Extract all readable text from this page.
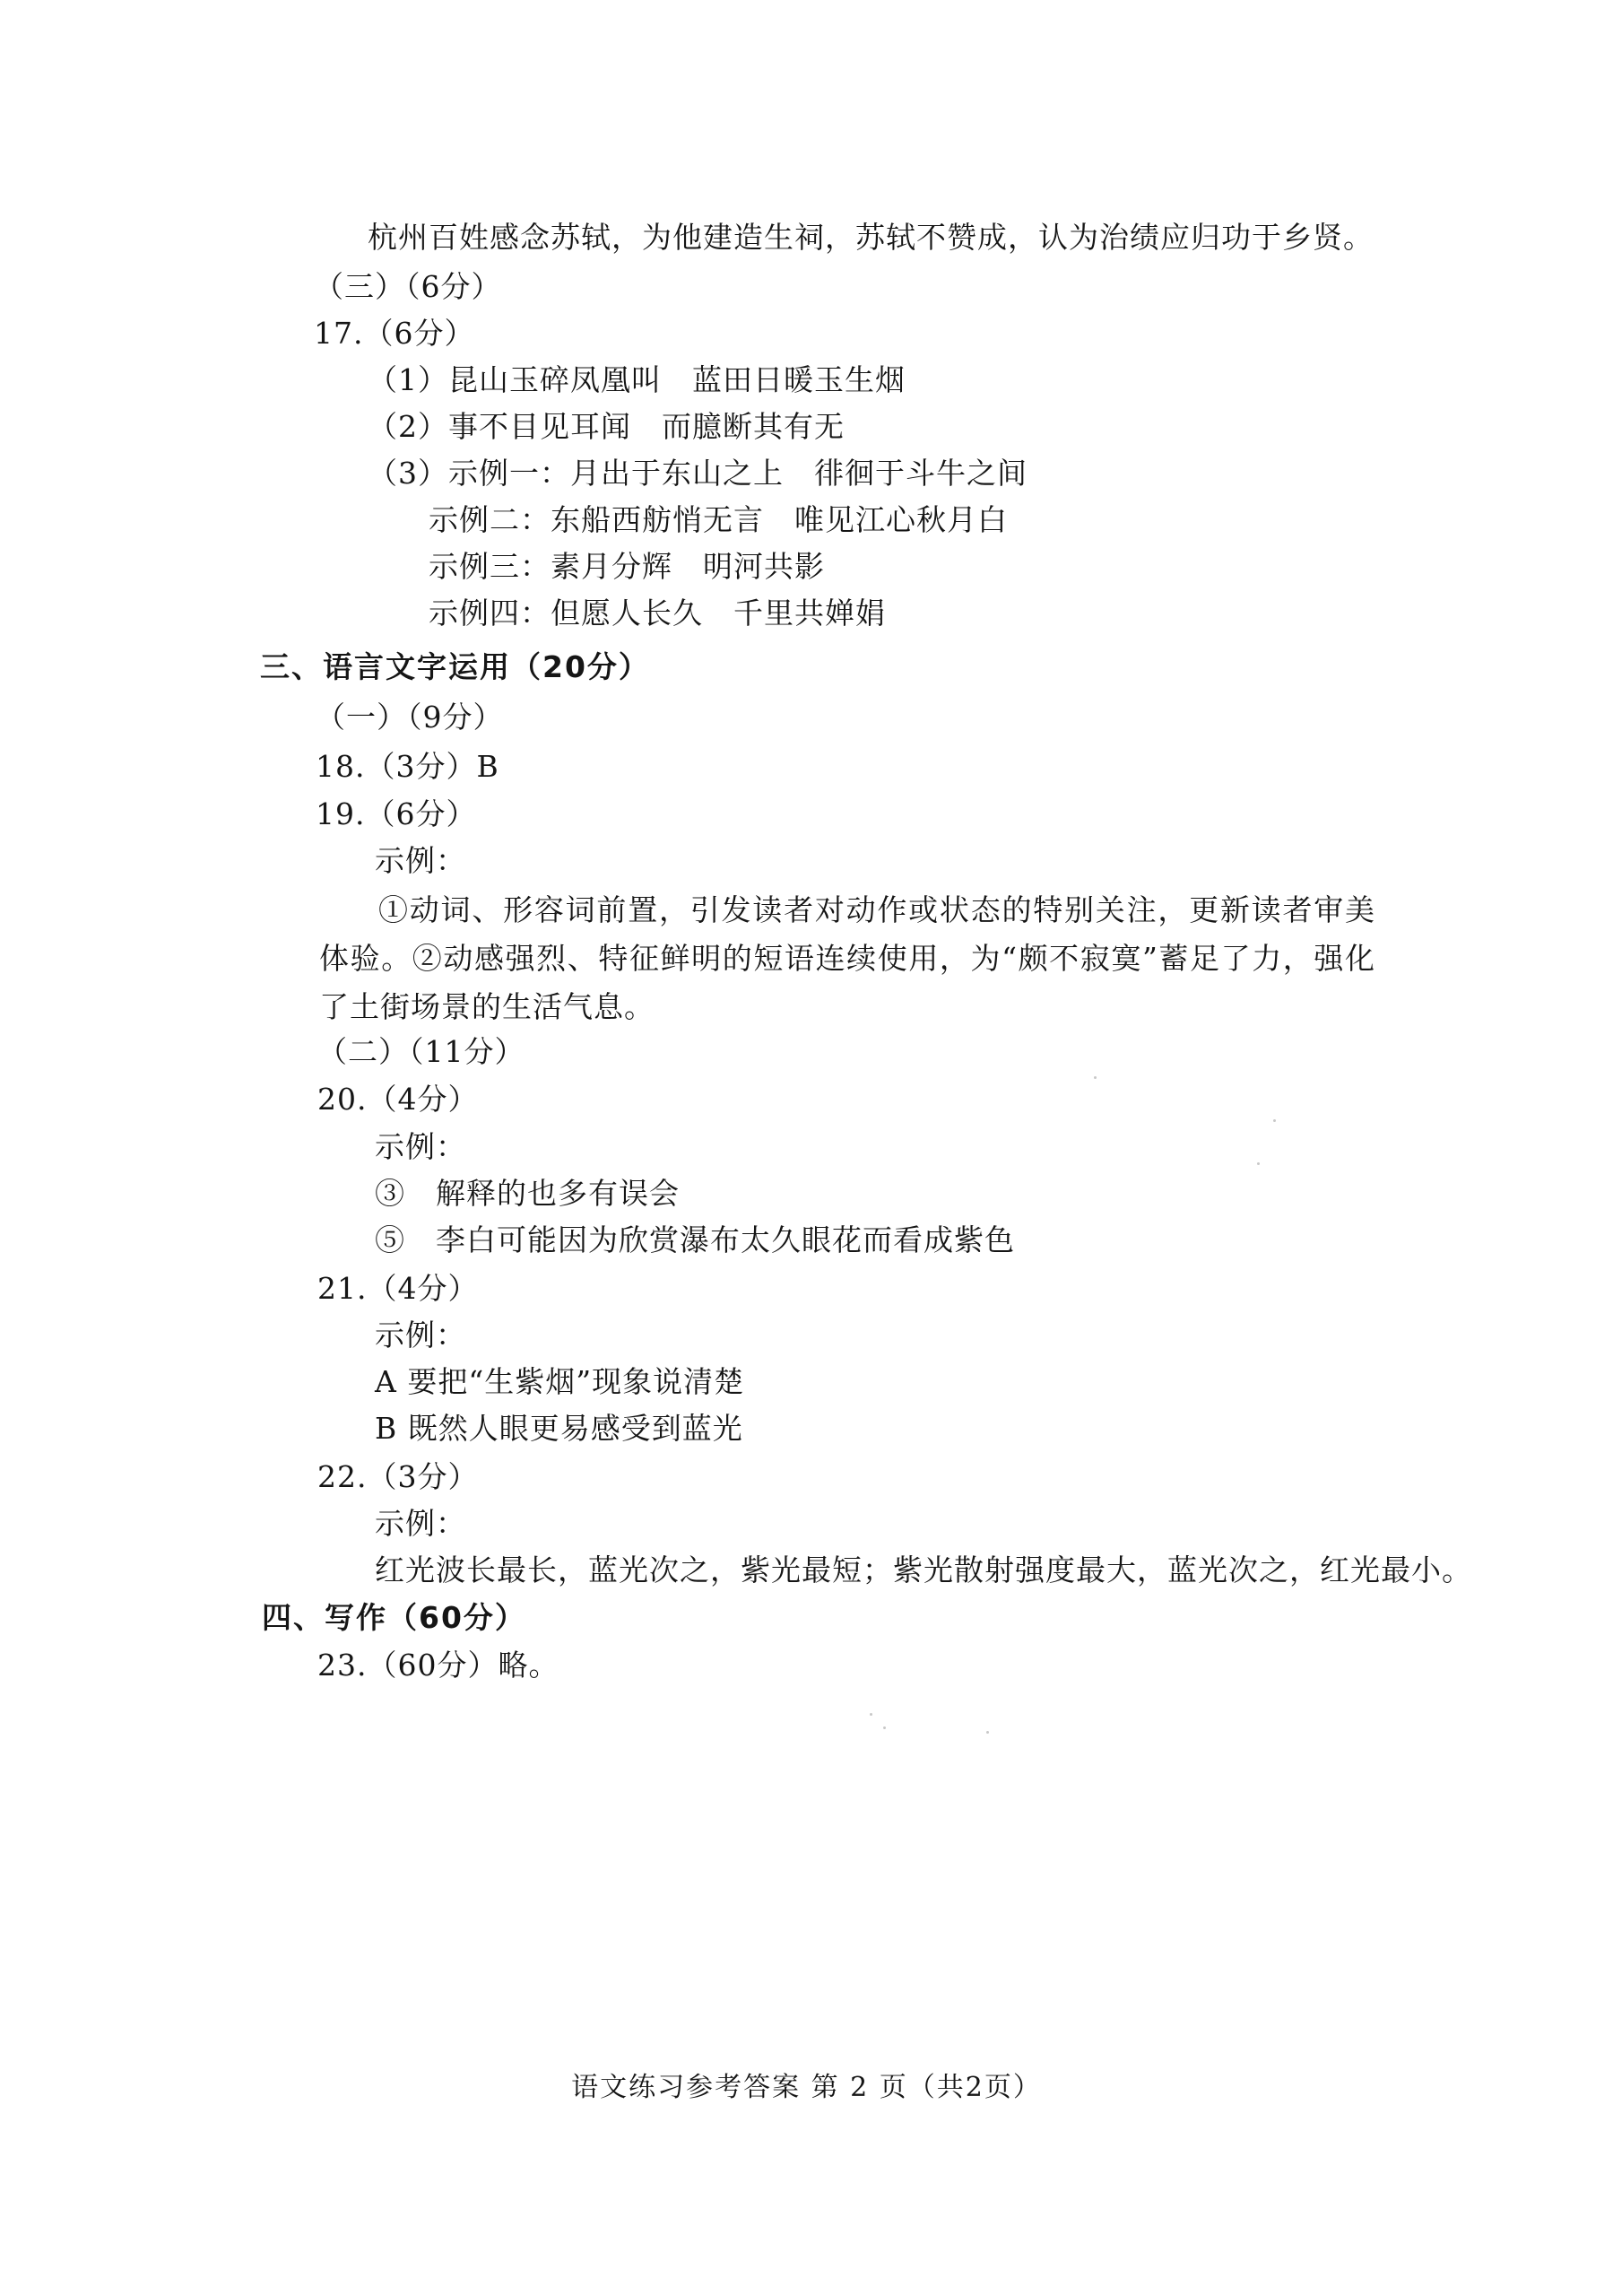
杭州百姓感念苏轼，为他建造生祠，苏轼不赞成，认为治绩应归功于乡贤。
（三）（6分）
17.（6分）
（1）昆山玉碎凤凰叫　蓝田日暖玉生烟
（2）事不目见耳闻　而臆断其有无
（3）示例一：月出于东山之上　徘徊于斗牛之间
示例二：东船西舫悄无言　唯见江心秋月白
示例三：素月分辉　明河共影
示例四：但愿人长久　千里共婵娟
三、语言文字运用（20分）
（一）（9分）
18.（3分）B
19.（6分）
示例：
①动词、形容词前置，引发读者对动作或状态的特别关注，更新读者审美体验。②动感强烈、特征鲜明的短语连续使用，为“颇不寂寞”蓄足了力，强化了土街场景的生活气息。
（二）（11分）
20.（4分）
示例：
③　解释的也多有误会
⑤　李白可能因为欣赏瀑布太久眼花而看成紫色
21.（4分）
示例：
A 要把“生紫烟”现象说清楚
B 既然人眼更易感受到蓝光
22.（3分）
示例：
红光波长最长，蓝光次之，紫光最短；紫光散射强度最大，蓝光次之，红光最小。
四、写作（60分）
23.（60分）略。
语文练习参考答案 第 2 页（共2页）
